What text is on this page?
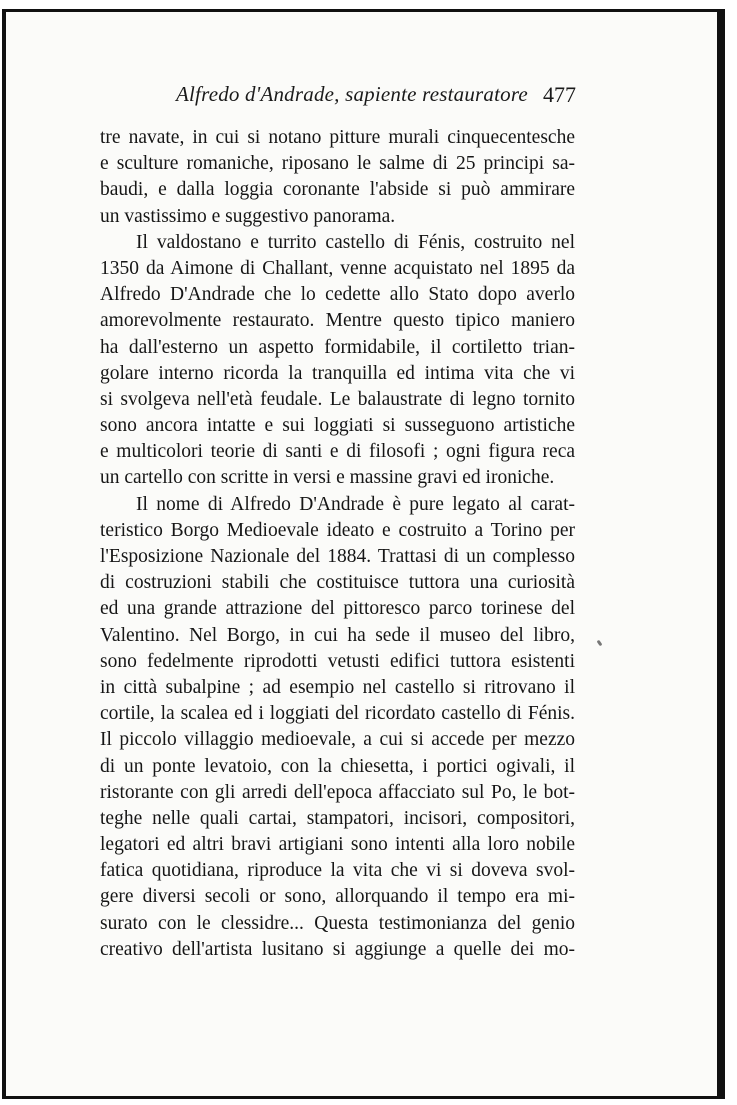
Alfredo d'Andrade, sapiente restauratore 477
tre navate, in cui si notano pitture murali cinquecentesche
e sculture romaniche, riposano le salme di 25 principi sa-
baudi, e dalla loggia coronante l'abside si può ammirare
un vastissimo e suggestivo panorama.
Il valdostano e turrito castello di Fénis, costruito nel
1350 da Aimone di Challant, venne acquistato nel 1895 da
Alfredo D'Andrade che lo cedette allo Stato dopo averlo
amorevolmente restaurato. Mentre questo tipico maniero
ha dall'esterno un aspetto formidabile, il cortiletto trian-
golare interno ricorda la tranquilla ed intima vita che vi
si svolgeva nell'età feudale. Le balaustrate di legno tornito
sono ancora intatte e sui loggiati si susseguono artistiche
e multicolori teorie di santi e di filosofi ; ogni figura reca
un cartello con scritte in versi e massine gravi ed ironiche.
Il nome di Alfredo D'Andrade è pure legato al carat-
teristico Borgo Medioevale ideato e costruito a Torino per
l'Esposizione Nazionale del 1884. Trattasi di un complesso
di costruzioni stabili che costituisce tuttora una curiosità
ed una grande attrazione del pittoresco parco torinese del
Valentino. Nel Borgo, in cui ha sede il museo del libro,
sono fedelmente riprodotti vetusti edifici tuttora esistenti
in città subalpine ; ad esempio nel castello si ritrovano il
cortile, la scalea ed i loggiati del ricordato castello di Fénis.
Il piccolo villaggio medioevale, a cui si accede per mezzo
di un ponte levatoio, con la chiesetta, i portici ogivali, il
ristorante con gli arredi dell'epoca affacciato sul Po, le bot-
teghe nelle quali cartai, stampatori, incisori, compositori,
legatori ed altri bravi artigiani sono intenti alla loro nobile
fatica quotidiana, riproduce la vita che vi si doveva svol-
gere diversi secoli or sono, allorquando il tempo era mi-
surato con le clessidre... Questa testimonianza del genio
creativo dell'artista lusitano si aggiunge a quelle dei mo-
